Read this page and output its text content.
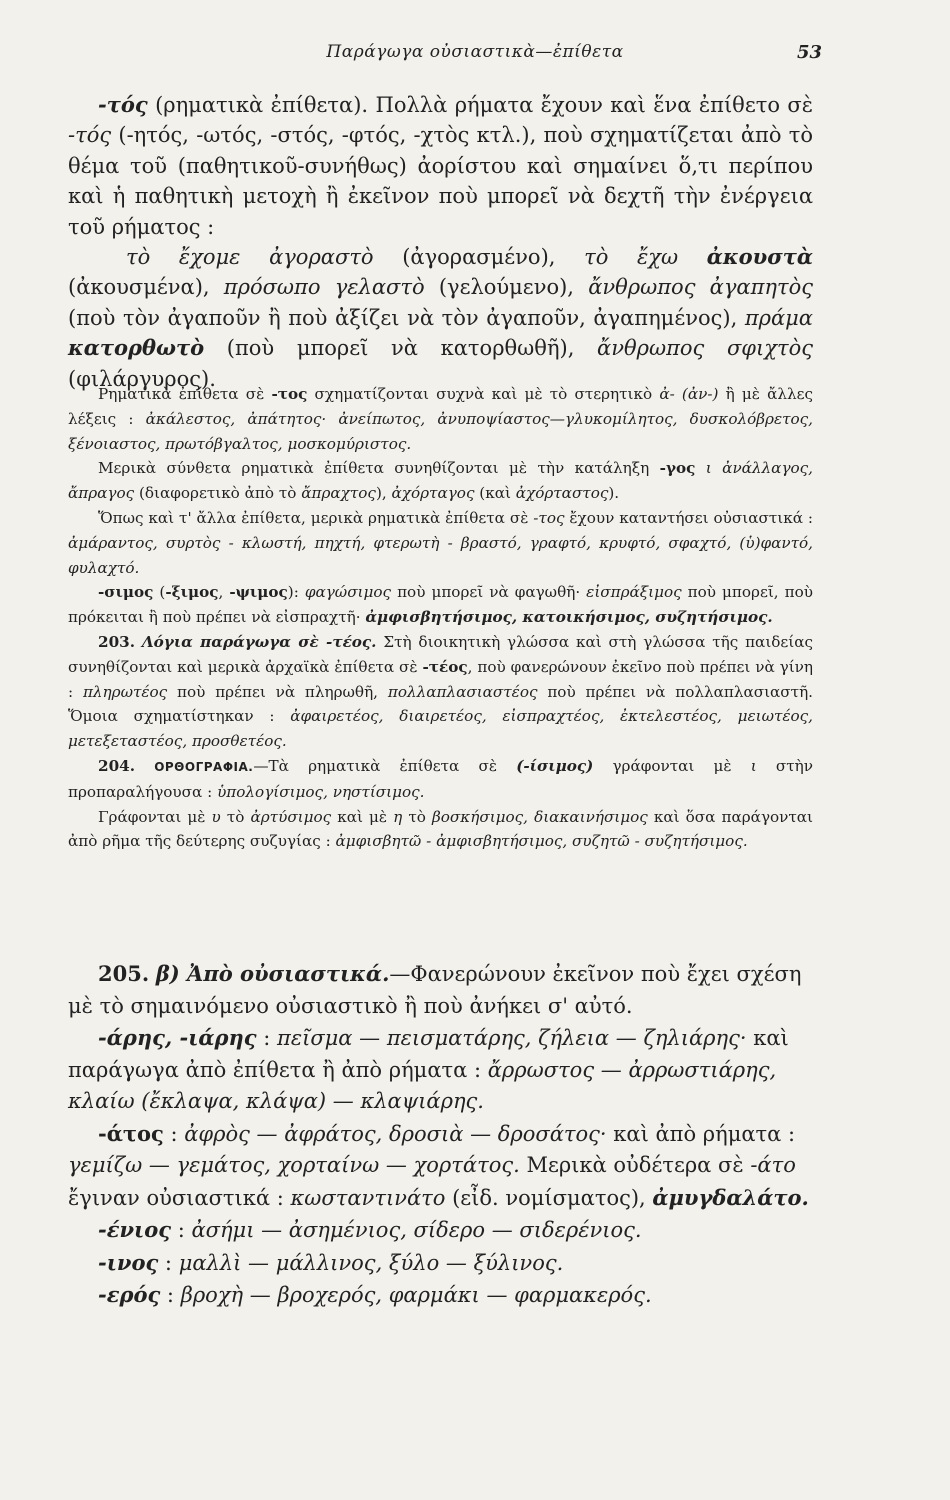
Παράγωγα οὐσιαστικὰ—ἐπίθετα	53

-τός (ρηματικὰ ἐπίθετα). Πολλὰ ρήματα ἔχουν καὶ ἕνα ἐπίθετο σὲ -τός (-ητός, -ωτός, -στός, -φτός, -χτὸς κτλ.), ποὺ σχηματίζεται ἀπὸ τὸ θέμα τοῦ (παθητικοῦ-συνήθως) ἀορίστου καὶ σημαίνει ὅ,τι περίπου καὶ ἡ παθητικὴ μετοχὴ ἢ ἐκεῖνον ποὺ μπορεῖ νὰ δεχτῆ τὴν ἐνέργεια τοῦ ρήματος :

τὸ ἔχομε ἀγοραστὸ (ἀγορασμένο), τὸ ἔχω ἀκουστὰ (ἀκουσμένα), πρόσωπο γελαστὸ (γελούμενο), ἄνθρωπος ἀγαπητὸς (ποὺ τὸν ἀγαποῦν ἢ ποὺ ἀξίζει νὰ τὸν ἀγαποῦν, ἀγαπημένος), πράμα κατορθωτὸ (ποὺ μπορεῖ νὰ κατορθωθῆ), ἄνθρωπος σφιχτὸς (φιλάργυρος).

Ρηματικὰ ἐπίθετα σὲ -τος σχηματίζονται συχνὰ καὶ μὲ τὸ στερητικὸ ἀ- (ἀν-) ἢ μὲ ἄλλες λέξεις : ἀκάλεστος, ἀπάτητος· ἀνείπωτος, ἀνυποψίαστος—γλυκομίλητος, δυσκολόβρετος, ξένοιαστος, πρωτόβγαλτος, μοσκομύριστος.

Μερικὰ σύνθετα ρηματικὰ ἐπίθετα συνηθίζονται μὲ τὴν κατάληξη -γος ι ἀνάλλαγος, ἄπραγος (διαφορετικὸ ἀπὸ τὸ ἄπραχτος), ἀχόρταγος (καὶ ἀχόρταστος).

Ὅπως καὶ τ' ἄλλα ἐπίθετα, μερικὰ ρηματικὰ ἐπίθετα σὲ -τος ἔχουν καταντήσει οὐσιαστικά : ἀμάραντος, συρτὸς - κλωστή, πηχτή, φτερωτὴ - βραστό, γραφτό, κρυφτό, σφαχτό, (ὑ)φαντό, φυλαχτό.

-σιμος (-ξιμος, -ψιμος): φαγώσιμος ποὺ μπορεῖ νὰ φαγωθῆ· εἰσπράξιμος ποὺ μπορεῖ, ποὺ πρόκειται ἢ ποὺ πρέπει νὰ εἰσπραχτῆ· ἀμφισβητήσιμος, κατοικήσιμος, συζητήσιμος.

203. Λόγια παράγωγα σὲ -τέος. Στὴ διοικητικὴ γλώσσα καὶ στὴ γλώσσα τῆς παιδείας συνηθίζονται καὶ μερικὰ ἀρχαϊκὰ ἐπίθετα σὲ -τέος, ποὺ φανερώνουν ἐκεῖνο ποὺ πρέπει νὰ γίνη : πληρωτέος ποὺ πρέπει νὰ πληρωθῆ, πολλαπλασιαστέος ποὺ πρέπει νὰ πολλαπλασιαστῆ. Ὅμοια σχηματίστηκαν : ἀφαιρετέος, διαιρετέος, εἰσπραχτέος, ἐκτελεστέος, μειωτέος, μετεξεταστέος, προσθετέος.

204. ΟΡΘΟΓΡΑΦΙΑ.—Τὰ ρηματικὰ ἐπίθετα σὲ (-ίσιμος) γράφονται μὲ ι στὴν προπαραλήγουσα : ὑπολογίσιμος, νηστίσιμος.

Γράφονται μὲ υ τὸ ἀρτύσιμος καὶ μὲ η τὸ βοσκήσιμος, διακαινήσιμος καὶ ὅσα παράγονται ἀπὸ ρῆμα τῆς δεύτερης συζυγίας : ἀμφισβητῶ - ἀμφισβητήσιμος, συζητῶ - συζητήσιμος.

205. β) Ἀπὸ οὐσιαστικά.—Φανερώνουν ἐκεῖνον ποὺ ἔχει σχέση μὲ τὸ σημαινόμενο οὐσιαστικὸ ἢ ποὺ ἀνήκει σ' αὐτό.

-άρης, -ιάρης : πεῖσμα — πεισματάρης, ζήλεια — ζηλιάρης· καὶ παράγωγα ἀπὸ ἐπίθετα ἢ ἀπὸ ρήματα : ἄρρωστος — ἀρρωστιάρης, κλαίω (ἔκλαψα, κλάψα) — κλαψιάρης.

-άτος : ἀφρὸς — ἀφράτος, δροσιὰ — δροσάτος· καὶ ἀπὸ ρήματα : γεμίζω — γεμάτος, χορταίνω — χορτάτος. Μερικὰ οὐδέτερα σὲ -άτο ἔγιναν οὐσιαστικά : κωσταντινάτο (εἶδ. νομίσματος), ἀμυγδαλάτο.

-ένιος : ἀσήμι — ἀσημένιος, σίδερο — σιδερένιος.

-ινος : μαλλὶ — μάλλινος, ξύλο — ξύλινος.

-ερός : βροχὴ — βροχερός, φαρμάκι — φαρμακερός.
